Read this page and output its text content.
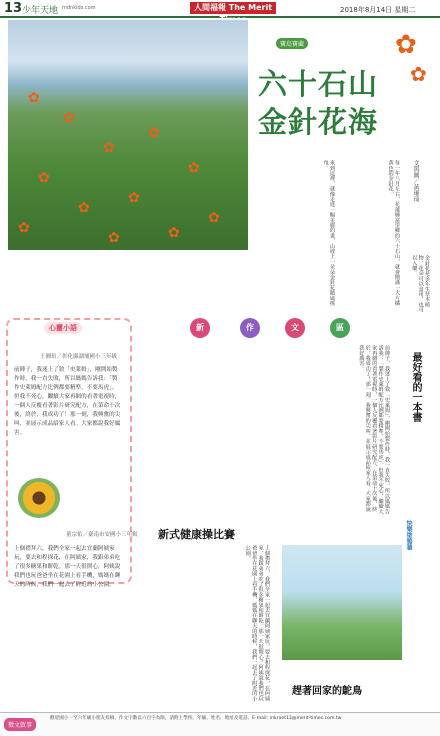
13 少年天地 mdnkids.com	人間福報 The Merit	2018年8月14日 星期二
✿
✿
✿
✿
✿
✿
✿
✿
✿
✿
✿
✿
✿
✿
寶島寶藏
六十石山
金針花海
文與圖／黃璀琦
每一年八月左右，花蓮縣富里鄉的六十石山，就會開滿一大片橘黃色的金針花。
來到這裡，就像走進一幅美麗的畫，山坡上一朵朵金針花隨風搖曳。
金針花是多年生草本植物，花朵可以食用，也可以入藥。
新	作	文	區
心靈小語
王湘瑄／彰化縣湖埔國小三年級
前陣子，我迷上了敘「史萊姆」，剛開始製作時，我一直失敗，所以媽媽告訴我：「製作史萊姆配方比例都要精準，不要馬虎」。但我不死心，繼續大家再網的看著電視時，一個人反覆看著影片研究配方，在第命十次後，終於，我成功了！那一刻，我興奮的尖叫，並展示成品給家人看。大家都說我好厲害。
董宗佑／臺南市安國小三年級
上個禮拜六，我們全家一起去宜蘭阿姨家玩，要去和程探花，在阿姨家，我跟弟弟吃了很多糖果和餅乾。那一天很開心，阿姨說我們也玩爸爸坐在花園上看手機，媽媽在聊天的時候，我們一起去了附近的小公園。
前陣子，我迷上了敘「史萊姆」，剛開始製作時，我一直失敗，所以媽媽告訴我：「製作史萊姆配方比例都要精準，不要馬虎」。但我不死心，繼續大家再網的看著電視時，一個人反覆看著影片研究配方，在第命十次後，終於，我成功了！那一刻，我興奮的尖叫，並展示成品給家人看。大家都說我好厲害。	最好看的一本書
新式健康操比賽
上個禮拜六，我們全家一起去宜蘭阿姨家玩，要去和程探花，在阿姨家，我跟弟弟吃了很多糖果和餅乾。那一天很開心，阿姨說我們也玩爸爸坐在花園上看手機，媽媽在聊天的時候，我們一起去了附近的小公園。
快樂塗鴉牆
趕著回家的鴕鳥
徵文啟事
歡迎國小一至六年級小朋友投稿，作文字數以六百字為限，請附上學校、年級、姓名、地址及電話。E-mail: mkraet13@merit-times.com.tw
